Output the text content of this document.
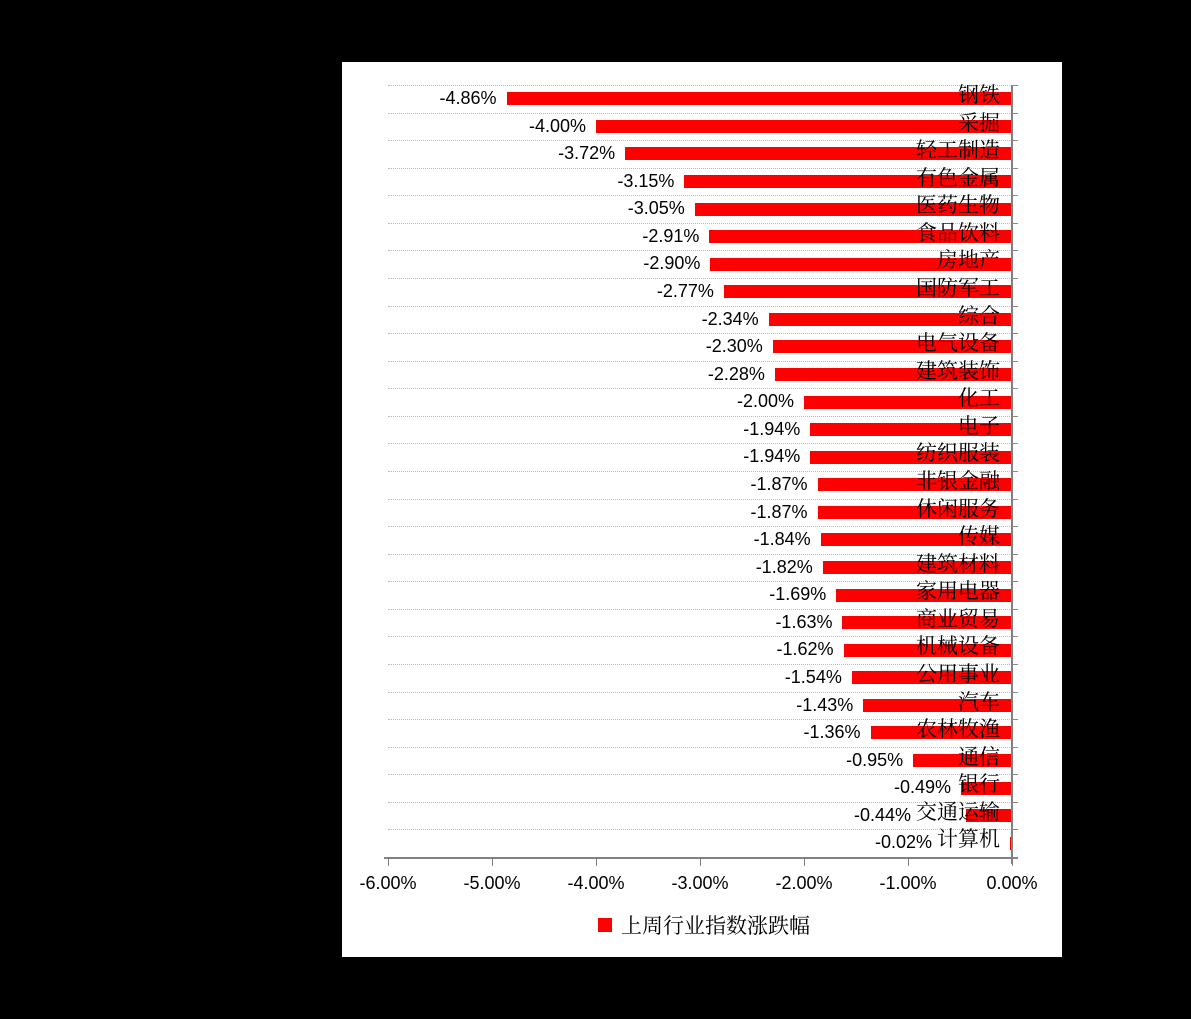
钢铁
-4.86%
采掘
-4.00%
轻工制造
-3.72%
有色金属
-3.15%
医药生物
-3.05%
食品饮料
-2.91%
房地产
-2.90%
国防军工
-2.77%
综合
-2.34%
电气设备
-2.30%
建筑装饰
-2.28%
化工
-2.00%
电子
-1.94%
纺织服装
-1.94%
非银金融
-1.87%
休闲服务
-1.87%
传媒
-1.84%
建筑材料
-1.82%
家用电器
-1.69%
商业贸易
-1.63%
机械设备
-1.62%
公用事业
-1.54%
汽车
-1.43%
农林牧渔
-1.36%
通信
-0.95%
银行
-0.49%
交通运输
-0.44%
计算机
-0.02%
-6.00%	-5.00%	-4.00%	-3.00%	-2.00%	-1.00%	0.00%
上周行业指数涨跌幅
